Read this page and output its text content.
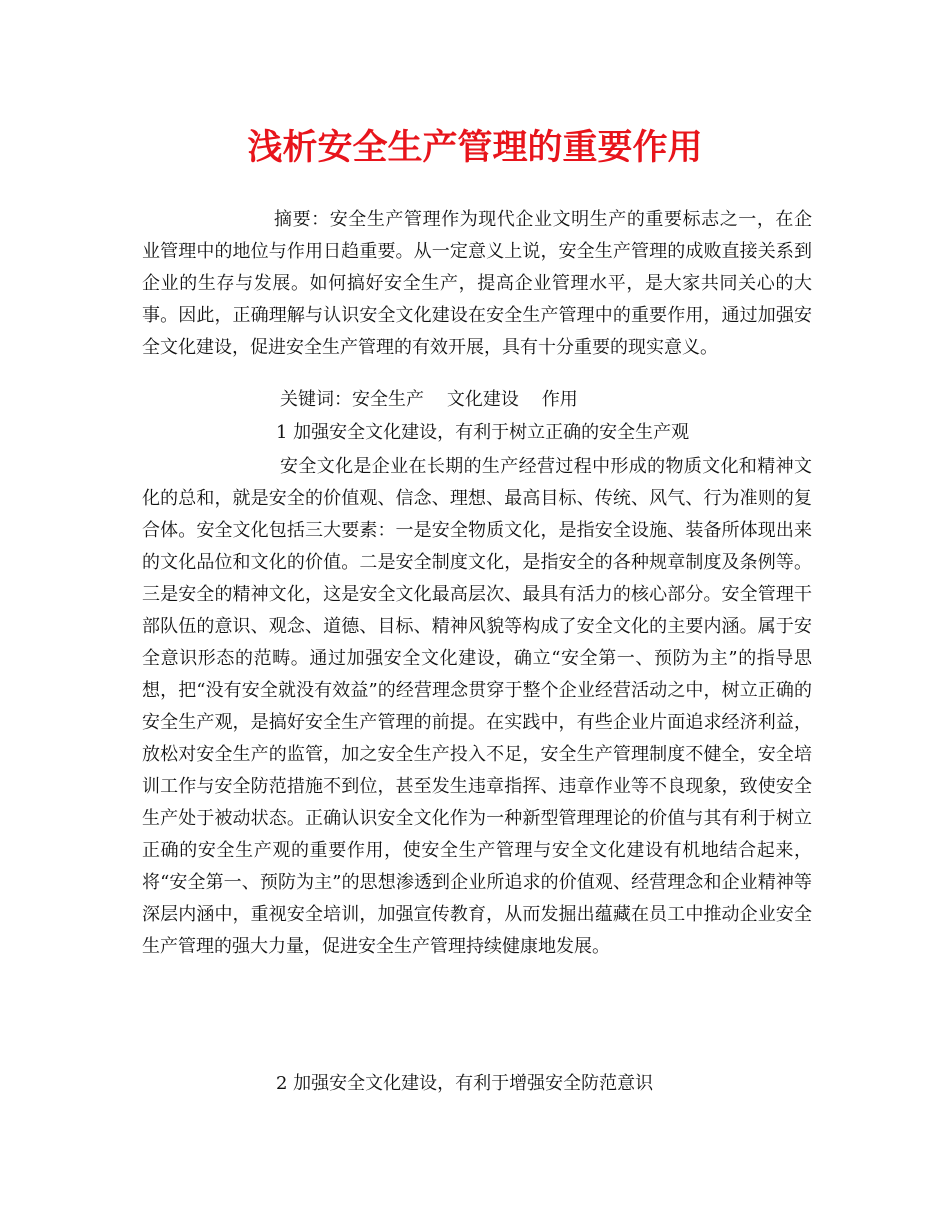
浅析安全生产管理的重要作用

摘要：安全生产管理作为现代企业文明生产的重要标志之一，在企业管理中的地位与作用日趋重要。从一定意义上说，安全生产管理的成败直接关系到企业的生存与发展。如何搞好安全生产，提高企业管理水平，是大家共同关心的大事。因此，正确理解与认识安全文化建设在安全生产管理中的重要作用，通过加强安全文化建设，促进安全生产管理的有效开展，具有十分重要的现实意义。

关键词：安全生产    文化建设    作用

1 加强安全文化建设，有利于树立正确的安全生产观

安全文化是企业在长期的生产经营过程中形成的物质文化和精神文化的总和，就是安全的价值观、信念、理想、最高目标、传统、风气、行为准则的复合体。安全文化包括三大要素：一是安全物质文化，是指安全设施、装备所体现出来的文化品位和文化的价值。二是安全制度文化，是指安全的各种规章制度及条例等。三是安全的精神文化，这是安全文化最高层次、最具有活力的核心部分。安全管理干部队伍的意识、观念、道德、目标、精神风貌等构成了安全文化的主要内涵。属于安全意识形态的范畴。通过加强安全文化建设，确立“安全第一、预防为主”的指导思想，把“没有安全就没有效益”的经营理念贯穿于整个企业经营活动之中，树立正确的安全生产观，是搞好安全生产管理的前提。在实践中，有些企业片面追求经济利益，放松对安全生产的监管，加之安全生产投入不足，安全生产管理制度不健全，安全培训工作与安全防范措施不到位，甚至发生违章指挥、违章作业等不良现象，致使安全生产处于被动状态。正确认识安全文化作为一种新型管理理论的价值与其有利于树立正确的安全生产观的重要作用，使安全生产管理与安全文化建设有机地结合起来，将“安全第一、预防为主”的思想渗透到企业所追求的价值观、经营理念和企业精神等深层内涵中，重视安全培训，加强宣传教育，从而发掘出蕴藏在员工中推动企业安全生产管理的强大力量，促进安全生产管理持续健康地发展。

2 加强安全文化建设，有利于增强安全防范意识
